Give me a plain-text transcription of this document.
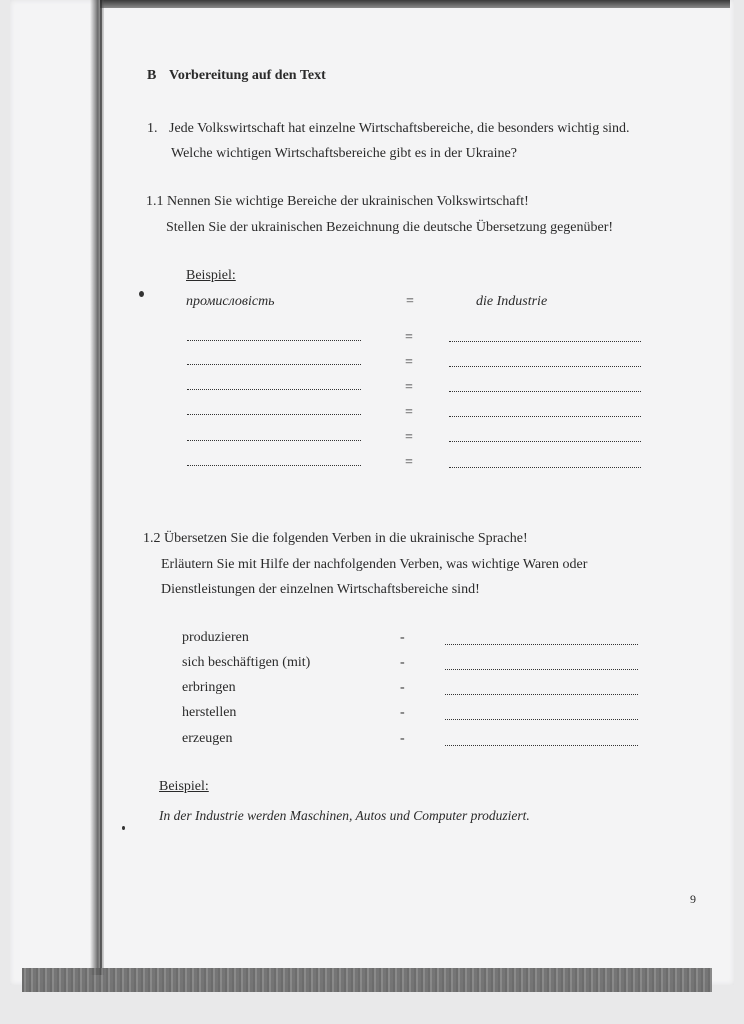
B Vorbereitung auf den Text
1. Jede Volkswirtschaft hat einzelne Wirtschaftsbereiche, die besonders wichtig sind.
Welche wichtigen Wirtschaftsbereiche gibt es in der Ukraine?
1.1 Nennen Sie wichtige Bereiche der ukrainischen Volkswirtschaft!
Stellen Sie der ukrainischen Bezeichnung die deutsche Übersetzung gegenüber!
Beispiel:
промисловість	=	die Industrie
=
=
=
=
=
=
1.2 Übersetzen Sie die folgenden Verben in die ukrainische Sprache!
Erläutern Sie mit Hilfe der nachfolgenden Verben, was wichtige Waren oder
Dienstleistungen der einzelnen Wirtschaftsbereiche sind!
produzieren	-
sich beschäftigen (mit)	-
erbringen	-
herstellen	-
erzeugen	-
Beispiel:
In der Industrie werden Maschinen, Autos und Computer produziert.
9
